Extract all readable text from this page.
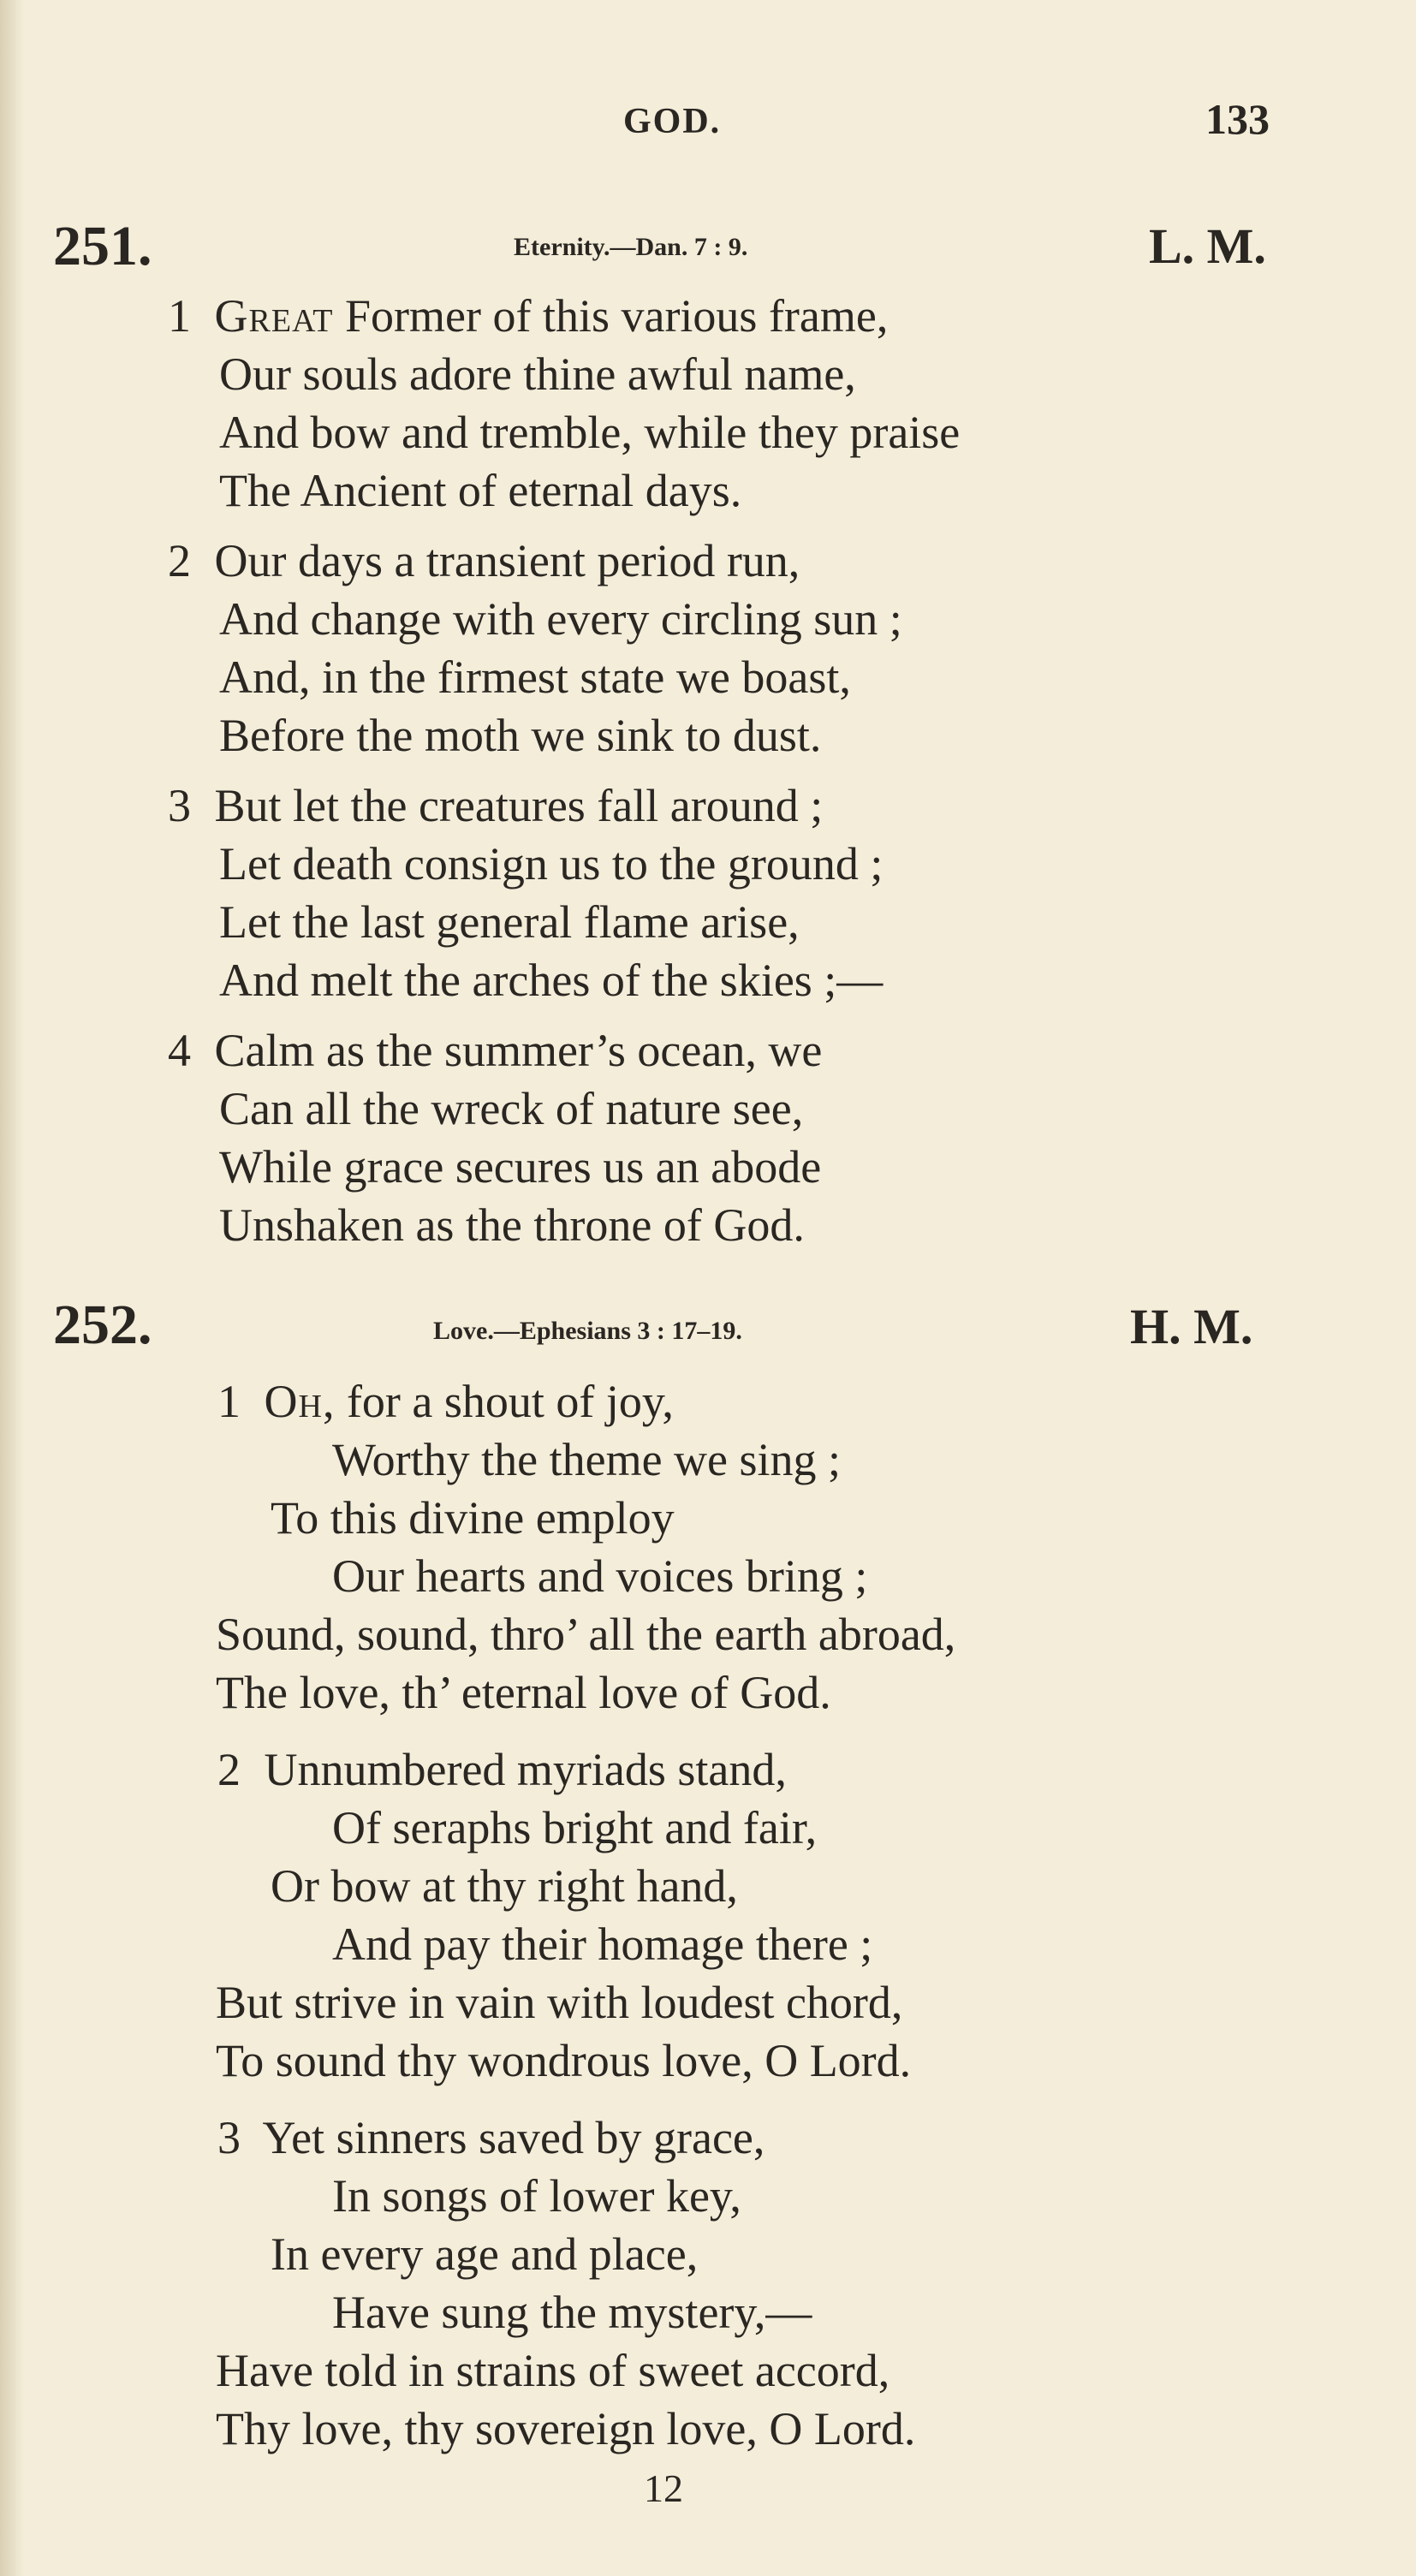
GOD.	133
251.	Eternity.—Dan. 7 : 9.	L. M.
1 Great Former of this various frame,
Our souls adore thine awful name,
And bow and tremble, while they praise
The Ancient of eternal days.
2 Our days a transient period run,
And change with every circling sun ;
And, in the firmest state we boast,
Before the moth we sink to dust.
3 But let the creatures fall around ;
Let death consign us to the ground ;
Let the last general flame arise,
And melt the arches of the skies ;—
4 Calm as the summer’s ocean, we
Can all the wreck of nature see,
While grace secures us an abode
Unshaken as the throne of God.
252.	Love.—Ephesians 3 : 17–19.	H. M.
1 Oh, for a shout of joy,
Worthy the theme we sing ;
To this divine employ
Our hearts and voices bring ;
Sound, sound, thro’ all the earth abroad,
The love, th’ eternal love of God.
2 Unnumbered myriads stand,
Of seraphs bright and fair,
Or bow at thy right hand,
And pay their homage there ;
But strive in vain with loudest chord,
To sound thy wondrous love, O Lord.
3 Yet sinners saved by grace,
In songs of lower key,
In every age and place,
Have sung the mystery,—
Have told in strains of sweet accord,
Thy love, thy sovereign love, O Lord.
12
